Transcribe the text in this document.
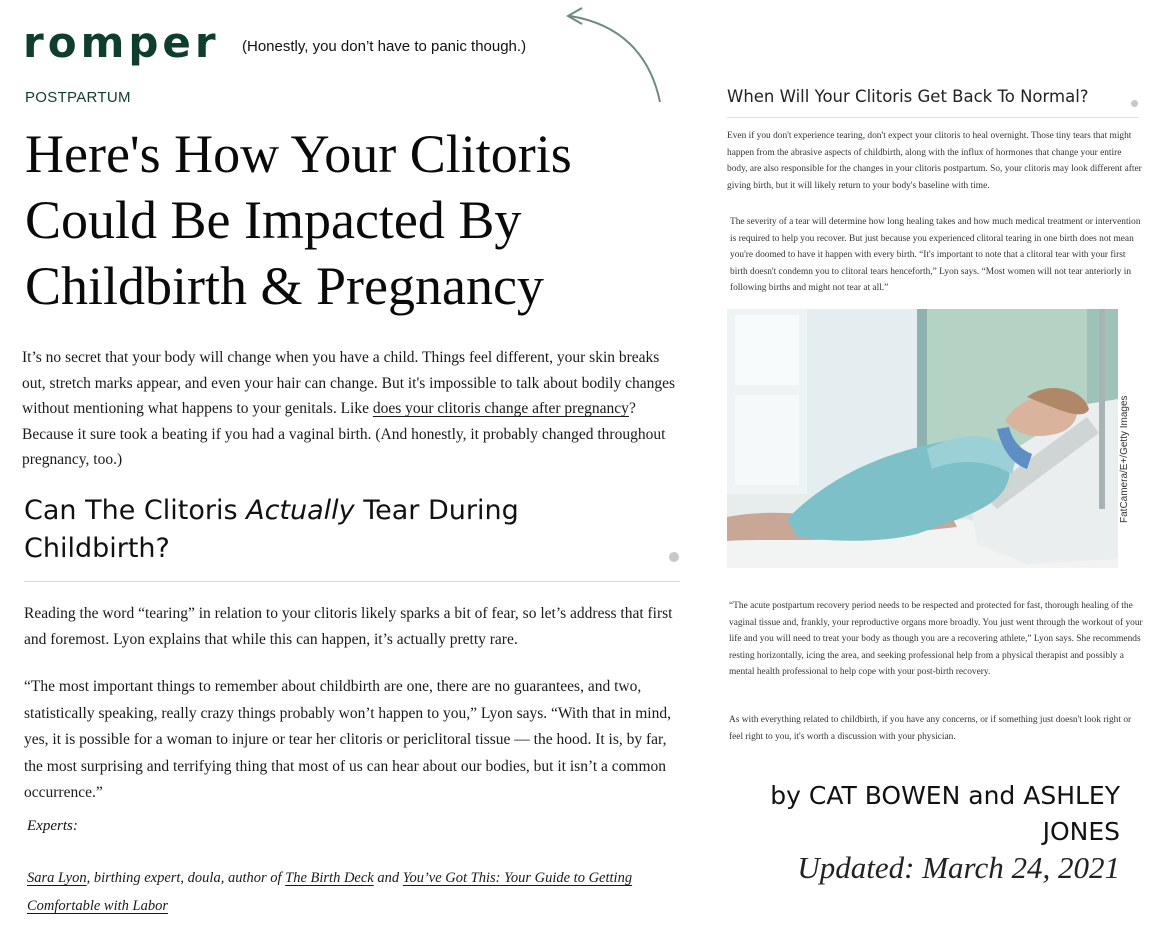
romper (Honestly, you don’t have to panic though.)
POSTPARTUM
Here's How Your Clitoris Could Be Impacted By Childbirth & Pregnancy

It’s no secret that your body will change when you have a child. Things feel different, your skin breaks out, stretch marks appear, and even your hair can change. But it's impossible to talk about bodily changes without mentioning what happens to your genitals. Like does your clitoris change after pregnancy? Because it sure took a beating if you had a vaginal birth. (And honestly, it probably changed throughout pregnancy, too.)

Can The Clitoris Actually Tear During Childbirth?

Reading the word “tearing” in relation to your clitoris likely sparks a bit of fear, so let’s address that first and foremost. Lyon explains that while this can happen, it’s actually pretty rare.

“The most important things to remember about childbirth are one, there are no guarantees, and two, statistically speaking, really crazy things probably won’t happen to you,” Lyon says. “With that in mind, yes, it is possible for a woman to injure or tear her clitoris or periclitoral tissue — the hood. It is, by far, the most surprising and terrifying thing that most of us can hear about our bodies, but it isn’t a common occurrence.”

Experts:

Sara Lyon, birthing expert, doula, author of The Birth Deck and You’ve Got This: Your Guide to Getting Comfortable with Labor

When Will Your Clitoris Get Back To Normal?

Even if you don't experience tearing, don't expect your clitoris to heal overnight. Those tiny tears that might happen from the abrasive aspects of childbirth, along with the influx of hormones that change your entire body, are also responsible for the changes in your clitoris postpartum. So, your clitoris may look different after giving birth, but it will likely return to your body's baseline with time.

The severity of a tear will determine how long healing takes and how much medical treatment or intervention is required to help you recover. But just because you experienced clitoral tearing in one birth does not mean you're doomed to have it happen with every birth. “It's important to note that a clitoral tear with your first birth doesn't condemn you to clitoral tears henceforth,” Lyon says. “Most women will not tear anteriorly in following births and might not tear at all.”

FatCamera/E+/Getty Images

“The acute postpartum recovery period needs to be respected and protected for fast, thorough healing of the vaginal tissue and, frankly, your reproductive organs more broadly. You just went through the workout of your life and you will need to treat your body as though you are a recovering athlete,” Lyon says. She recommends resting horizontally, icing the area, and seeking professional help from a physical therapist and possibly a mental health professional to help cope with your post-birth recovery.

As with everything related to childbirth, if you have any concerns, or if something just doesn't look right or feel right to you, it's worth a discussion with your physician.

by CAT BOWEN and ASHLEY JONES
Updated: March 24, 2021
